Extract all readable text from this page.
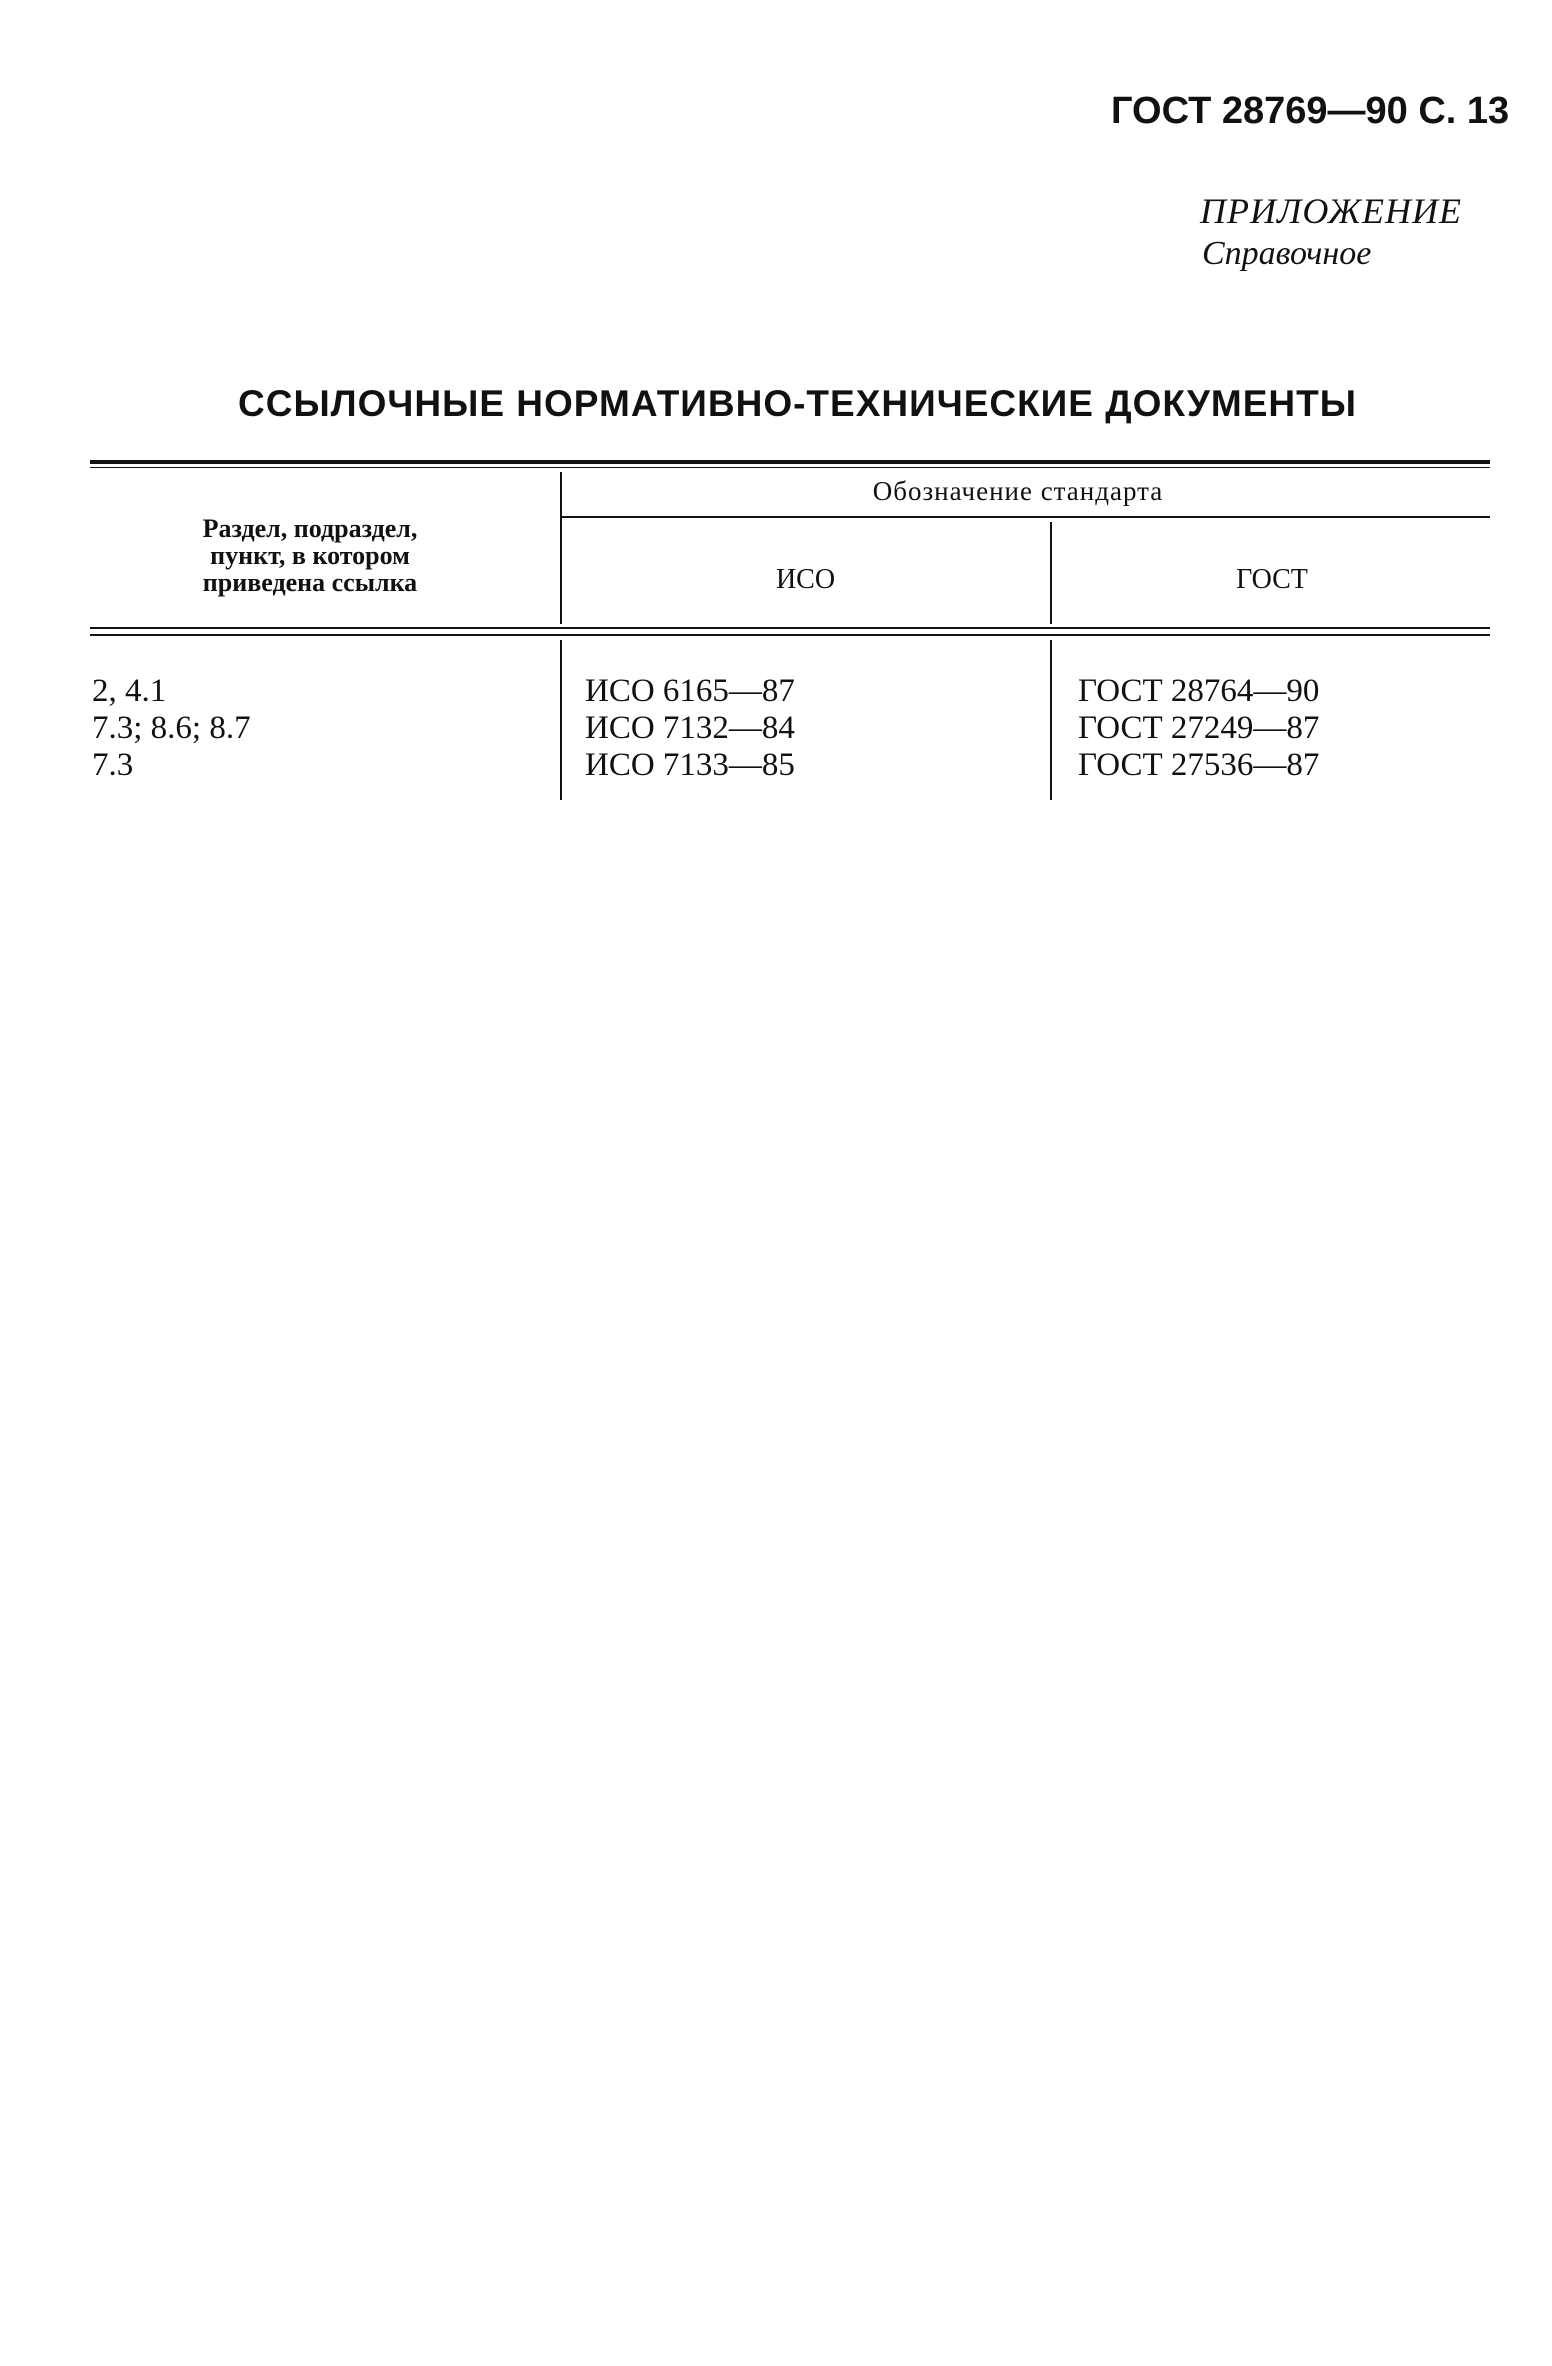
ГОСТ 28769—90 С. 13
ПРИЛОЖЕНИЕ
Справочное
ССЫЛОЧНЫЕ НОРМАТИВНО-ТЕХНИЧЕСКИЕ ДОКУМЕНТЫ
Раздел, подраздел,
пункт, в котором
приведена ссылка
Обозначение стандарта
ИСО	ГОСТ
2, 4.1
7.3; 8.6; 8.7
7.3
ИСО 6165—87
ИСО 7132—84
ИСО 7133—85
ГОСТ 28764—90
ГОСТ 27249—87
ГОСТ 27536—87
